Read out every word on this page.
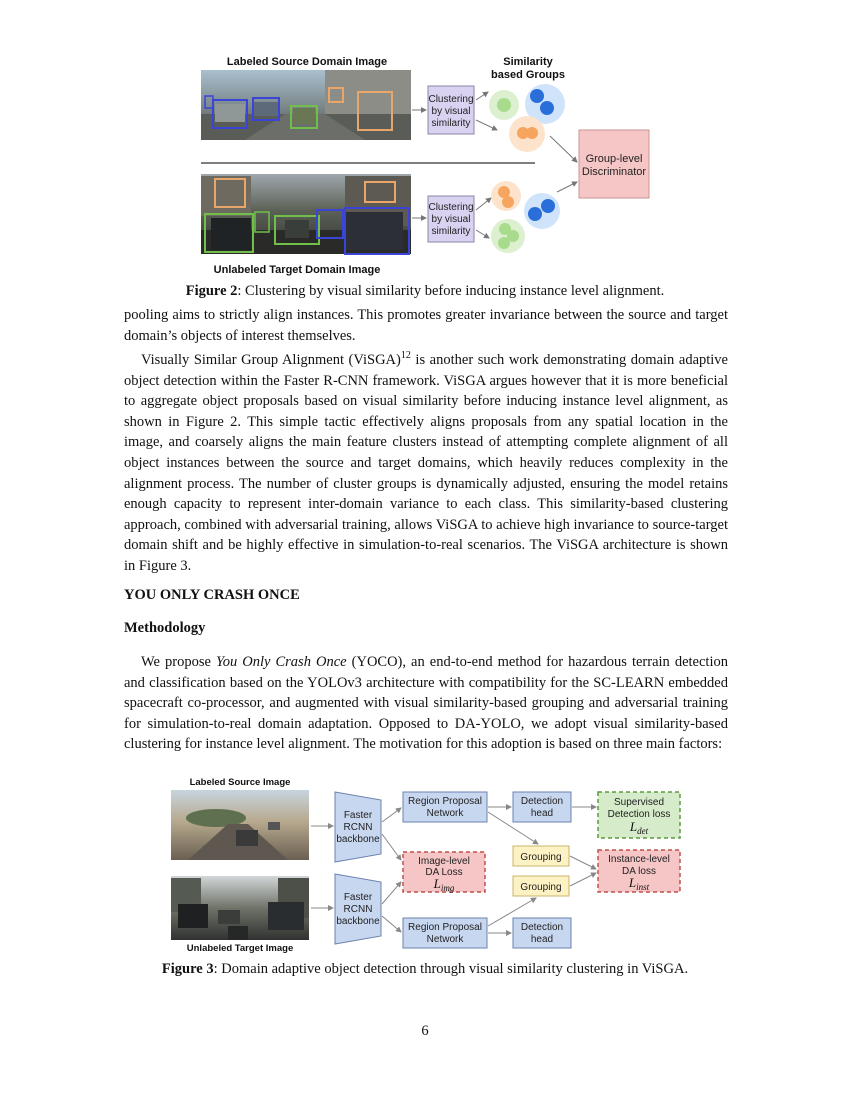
Labeled Source Domain Image
Unlabeled Target Domain Image
Clustering
by visual
similarity
Clustering
by visual
similarity
Similarity
based Groups
Group-level
Discriminator
Figure 2: Clustering by visual similarity before inducing instance level alignment.

pooling aims to strictly align instances. This promotes greater invariance between the source and target domain’s objects of interest themselves.

Visually Similar Group Alignment (ViSGA)$^{12}$ is another such work demonstrating domain adaptive object detection within the Faster R-CNN framework. ViSGA argues however that it is more beneficial to aggregate object proposals based on visual similarity before inducing instance level alignment, as shown in Figure 2. This simple tactic effectively aligns proposals from any spatial location in the image, and coarsely aligns the main feature clusters instead of attempting complete alignment of all object instances between the source and target domains, which heavily reduces complexity in the alignment process. The number of cluster groups is dynamically adjusted, ensuring the model retains enough capacity to represent inter-domain variance to each class. This similarity-based clustering approach, combined with adversarial training, allows ViSGA to achieve high invariance to source-target domain shift and be highly effective in simulation-to-real scenarios. The ViSGA architecture is shown in Figure 3.

YOU ONLY CRASH ONCE
Methodology

We propose You Only Crash Once (YOCO), an end-to-end method for hazardous terrain detection and classification based on the YOLOv3 architecture with compatibility for the SC-LEARN embedded spacecraft co-processor, and augmented with visual similarity-based grouping and adversarial training for simulation-to-real domain adaptation. Opposed to DA-YOLO, we adopt visual similarity-based clustering for instance level alignment. The motivation for this adoption is based on three main factors:

Labeled Source Image
Unlabeled Target Image
Faster
RCNN
backbone
Faster
RCNN
backbone
Region Proposal
Network
Region Proposal
Network
Image-level
DA Loss
$L_{img}$
Detection
head
Detection
head
Grouping
Grouping
Supervised
Detection loss
$L_{det}$
Instance-level
DA loss
$L_{inst}$
Figure 3: Domain adaptive object detection through visual similarity clustering in ViSGA.
6
